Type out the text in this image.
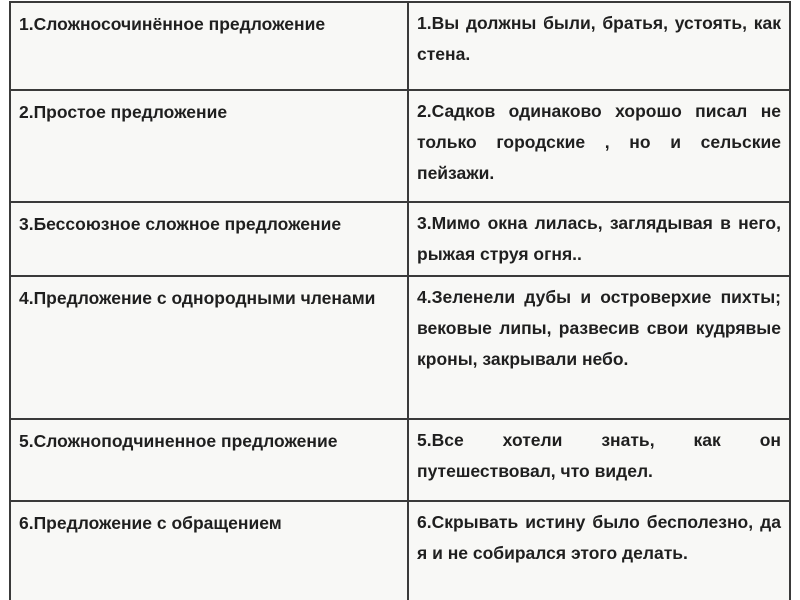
1.Сложносочинённое предложение	1.Вы должны были, братья, устоять, как стена.
2.Простое предложение	2.Садков одинаково хорошо писал не только городские , но и сельские пейзажи.
3.Бессоюзное сложное предложение	3.Мимо окна лилась, заглядывая в него, рыжая струя огня..
4.Предложение с однородными членами	4.Зеленели дубы и островерхие пихты; вековые липы, развесив свои кудрявые кроны, закрывали небо.
5.Сложноподчиненное предложение	5.Все хотели знать, как он путешествовал, что видел.
6.Предложение с обращением	6.Скрывать истину было бесполезно, да я и не собирался этого делать.
